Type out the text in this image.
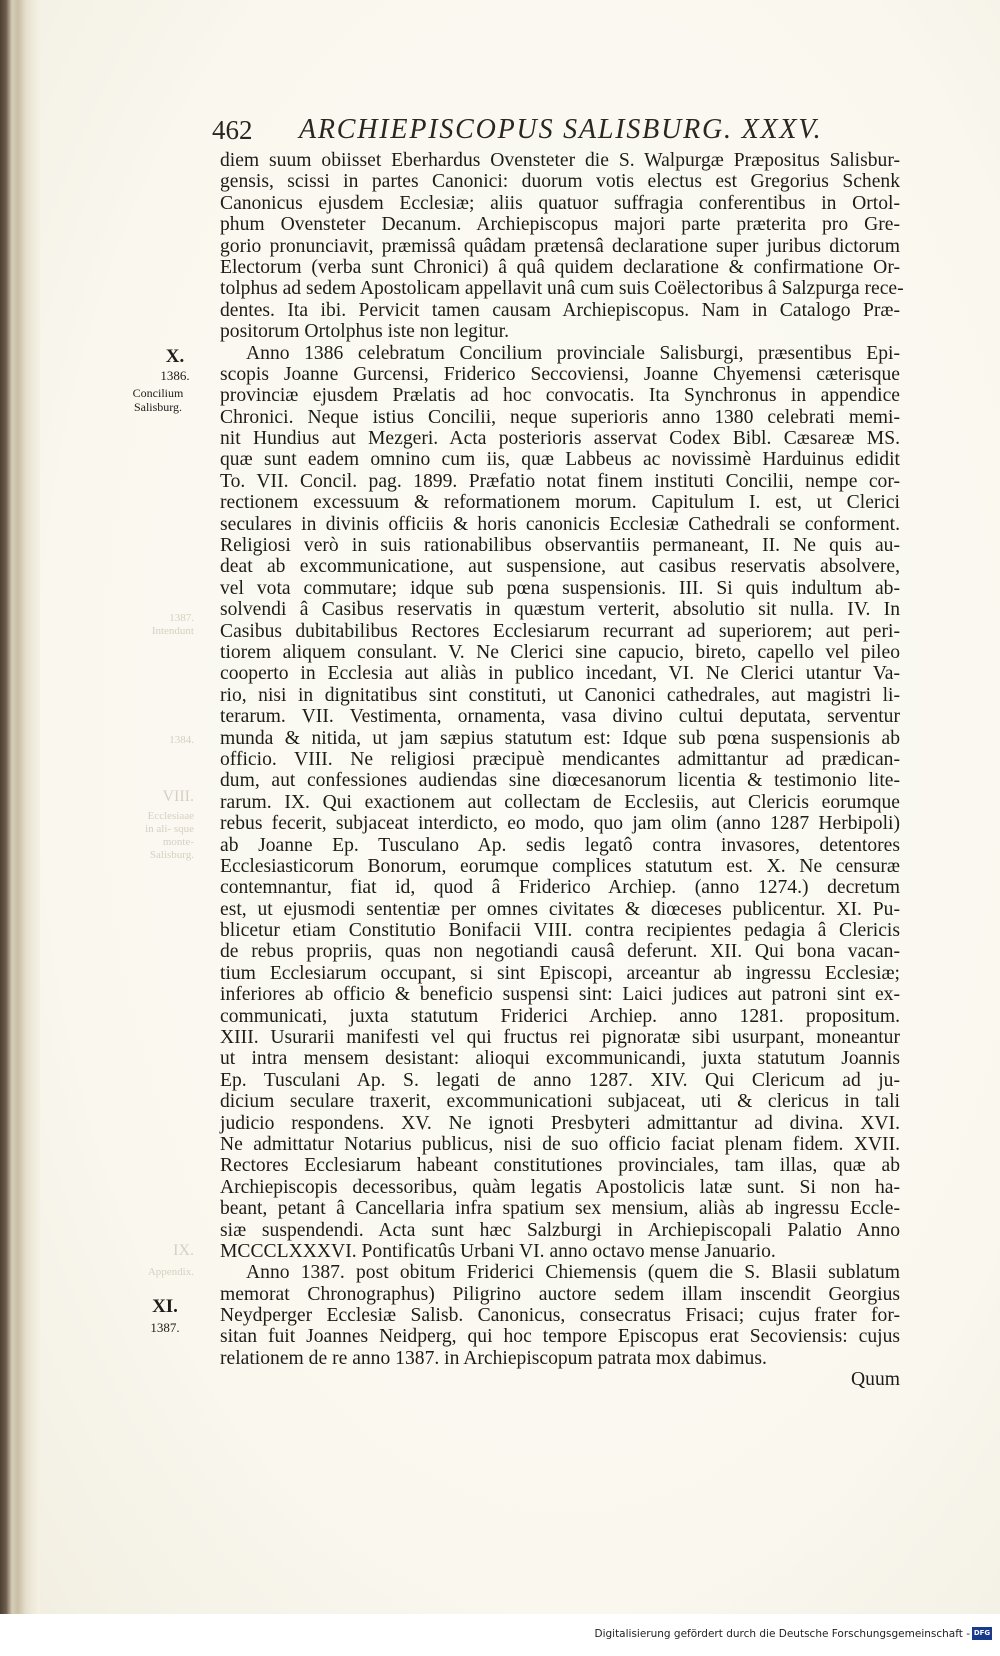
462 ARCHIEPISCOPUS SALISBURG. XXXV.
1387. Intendunt
1384.
VIII.
Ecclesiaae in ali- sque monte- Salisburg.
IX.
Appendix.
X.
1386.
Concilium
Salisburg.
XI.
1387.
diem suum obiisset Eberhardus Ovensteter die S. Walpurgæ Præpositus Salisbur-
gensis, scissi in partes Canonici: duorum votis electus est Gregorius Schenk
Canonicus ejusdem Ecclesiæ; aliis quatuor suffragia conferentibus in Ortol-
phum Ovensteter Decanum. Archiepiscopus majori parte præterita pro Gre-
gorio pronunciavit, præmissâ quâdam prætensâ declaratione super juribus dictorum
Electorum (verba sunt Chronici) â quâ quidem declaratione & confirmatione Or-
tolphus ad sedem Apostolicam appellavit unâ cum suis Coëlectoribus â Salzpurga rece-
dentes. Ita ibi. Pervicit tamen causam Archiepiscopus. Nam in Catalogo Præ-
positorum Ortolphus iste non legitur.
Anno 1386 celebratum Concilium provinciale Salisburgi, præsentibus Epi-
scopis Joanne Gurcensi, Friderico Seccoviensi, Joanne Chyemensi cæterisque
provinciæ ejusdem Prælatis ad hoc convocatis. Ita Synchronus in appendice
Chronici. Neque istius Concilii, neque superioris anno 1380 celebrati memi-
nit Hundius aut Mezgeri. Acta posterioris asservat Codex Bibl. Cæsareæ MS.
quæ sunt eadem omnino cum iis, quæ Labbeus ac novissimè Harduinus edidit
To. VII. Concil. pag. 1899. Præfatio notat finem instituti Concilii, nempe cor-
rectionem excessuum & reformationem morum. Capitulum I. est, ut Clerici
seculares in divinis officiis & horis canonicis Ecclesiæ Cathedrali se conforment.
Religiosi verò in suis rationabilibus observantiis permaneant, II. Ne quis au-
deat ab excommunicatione, aut suspensione, aut casibus reservatis absolvere,
vel vota commutare; idque sub pœna suspensionis. III. Si quis indultum ab-
solvendi â Casibus reservatis in quæstum verterit, absolutio sit nulla. IV. In
Casibus dubitabilibus Rectores Ecclesiarum recurrant ad superiorem; aut peri-
tiorem aliquem consulant. V. Ne Clerici sine capucio, bireto, capello vel pileo
cooperto in Ecclesia aut aliàs in publico incedant, VI. Ne Clerici utantur Va-
rio, nisi in dignitatibus sint constituti, ut Canonici cathedrales, aut magistri li-
terarum. VII. Vestimenta, ornamenta, vasa divino cultui deputata, serventur
munda & nitida, ut jam sæpius statutum est: Idque sub pœna suspensionis ab
officio. VIII. Ne religiosi præcipuè mendicantes admittantur ad prædican-
dum, aut confessiones audiendas sine diœcesanorum licentia & testimonio lite-
rarum. IX. Qui exactionem aut collectam de Ecclesiis, aut Clericis eorumque
rebus fecerit, subjaceat interdicto, eo modo, quo jam olim (anno 1287 Herbipoli)
ab Joanne Ep. Tusculano Ap. sedis legatô contra invasores, detentores
Ecclesiasticorum Bonorum, eorumque complices statutum est. X. Ne censuræ
contemnantur, fiat id, quod â Friderico Archiep. (anno 1274.) decretum
est, ut ejusmodi sententiæ per omnes civitates & diœceses publicentur. XI. Pu-
blicetur etiam Constitutio Bonifacii VIII. contra recipientes pedagia â Clericis
de rebus propriis, quas non negotiandi causâ deferunt. XII. Qui bona vacan-
tium Ecclesiarum occupant, si sint Episcopi, arceantur ab ingressu Ecclesiæ;
inferiores ab officio & beneficio suspensi sint: Laici judices aut patroni sint ex-
communicati, juxta statutum Friderici Archiep. anno 1281. propositum.
XIII. Usurarii manifesti vel qui fructus rei pignoratæ sibi usurpant, moneantur
ut intra mensem desistant: alioqui excommunicandi, juxta statutum Joannis
Ep. Tusculani Ap. S. legati de anno 1287. XIV. Qui Clericum ad ju-
dicium seculare traxerit, excommunicationi subjaceat, uti & clericus in tali
judicio respondens. XV. Ne ignoti Presbyteri admittantur ad divina. XVI.
Ne admittatur Notarius publicus, nisi de suo officio faciat plenam fidem. XVII.
Rectores Ecclesiarum habeant constitutiones provinciales, tam illas, quæ ab
Archiepiscopis decessoribus, quàm legatis Apostolicis latæ sunt. Si non ha-
beant, petant â Cancellaria infra spatium sex mensium, aliàs ab ingressu Eccle-
siæ suspendendi. Acta sunt hæc Salzburgi in Archiepiscopali Palatio Anno
MCCCLXXXVI. Pontificatûs Urbani VI. anno octavo mense Januario.
Anno 1387. post obitum Friderici Chiemensis (quem die S. Blasii sublatum
memorat Chronographus) Piligrino auctore sedem illam inscendit Georgius
Neydperger Ecclesiæ Salisb. Canonicus, consecratus Frisaci; cujus frater for-
sitan fuit Joannes Neidperg, qui hoc tempore Episcopus erat Secoviensis: cujus
relationem de re anno 1387. in Archiepiscopum patrata mox dabimus.
Quum
Digitalisierung gefördert durch die Deutsche Forschungsgemeinschaft - DFG
